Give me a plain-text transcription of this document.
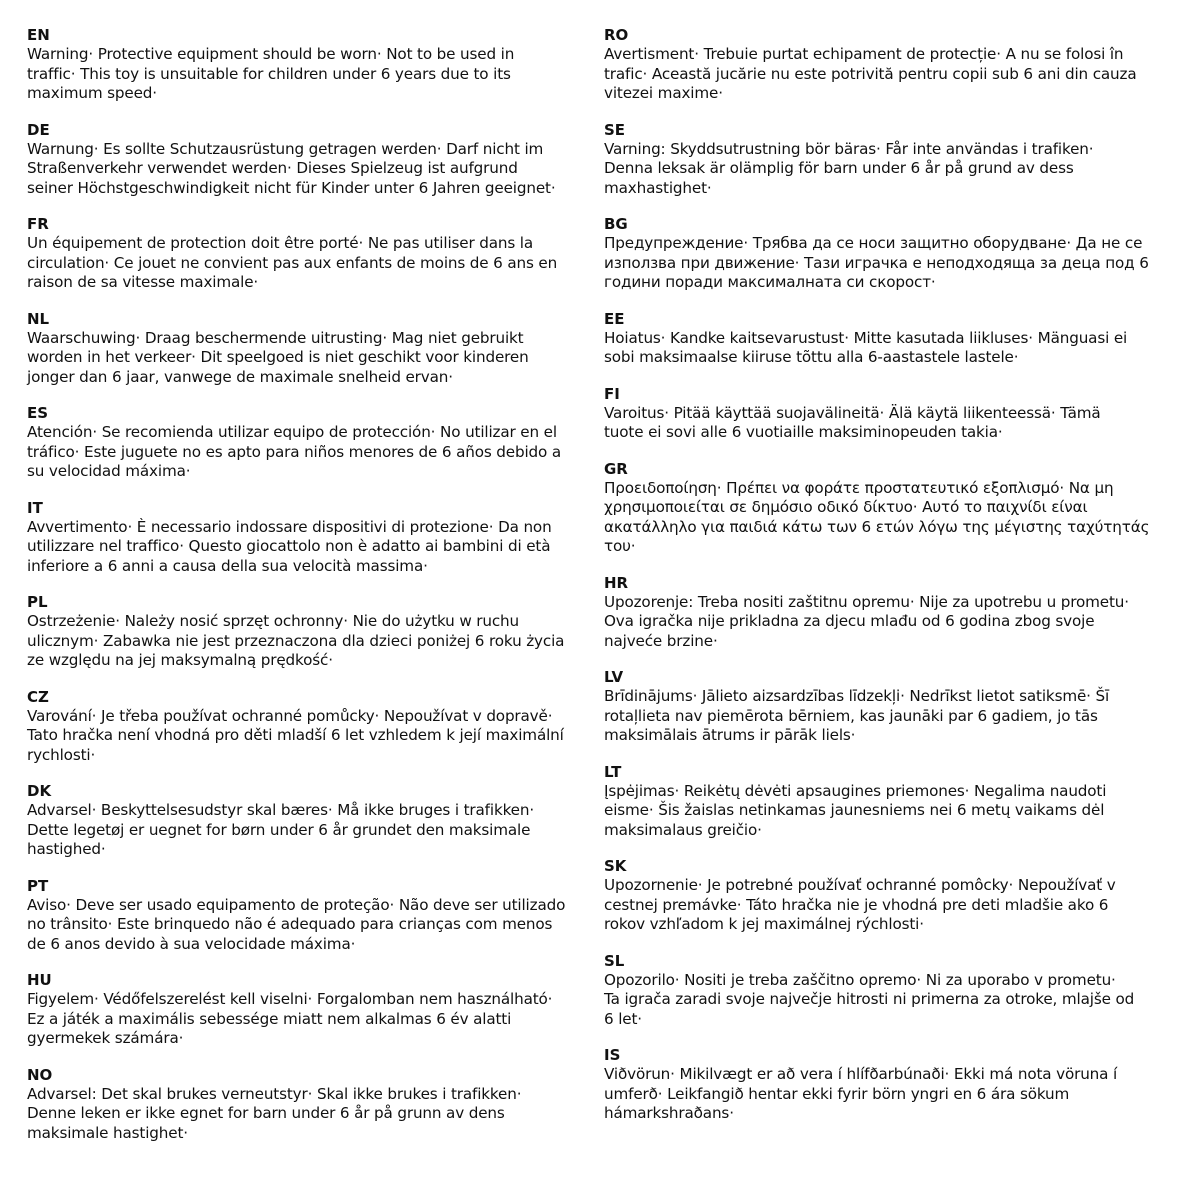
EN
Warning· Protective equipment should be worn· Not to be used in
traffic· This toy is unsuitable for children under 6 years due to its
maximum speed·
DE
Warnung· Es sollte Schutzausrüstung getragen werden· Darf nicht im
Straßenverkehr verwendet werden· Dieses Spielzeug ist aufgrund
seiner Höchstgeschwindigkeit nicht für Kinder unter 6 Jahren geeignet·
FR
Un équipement de protection doit être porté· Ne pas utiliser dans la
circulation· Ce jouet ne convient pas aux enfants de moins de 6 ans en
raison de sa vitesse maximale·
NL
Waarschuwing· Draag beschermende uitrusting· Mag niet gebruikt
worden in het verkeer· Dit speelgoed is niet geschikt voor kinderen
jonger dan 6 jaar, vanwege de maximale snelheid ervan·
ES
Atención· Se recomienda utilizar equipo de protección· No utilizar en el
tráfico· Este juguete no es apto para niños menores de 6 años debido a
su velocidad máxima·
IT
Avvertimento· È necessario indossare dispositivi di protezione· Da non
utilizzare nel traffico· Questo giocattolo non è adatto ai bambini di età
inferiore a 6 anni a causa della sua velocità massima·
PL
Ostrzeżenie· Należy nosić sprzęt ochronny· Nie do użytku w ruchu
ulicznym· Zabawka nie jest przeznaczona dla dzieci poniżej 6 roku życia
ze względu na jej maksymalną prędkość·
CZ
Varování· Je třeba používat ochranné pomůcky· Nepoužívat v dopravě·
Tato hračka není vhodná pro děti mladší 6 let vzhledem k její maximální
rychlosti·
DK
Advarsel· Beskyttelsesudstyr skal bæres· Må ikke bruges i trafikken·
Dette legetøj er uegnet for børn under 6 år grundet den maksimale
hastighed·
PT
Aviso· Deve ser usado equipamento de proteção· Não deve ser utilizado
no trânsito· Este brinquedo não é adequado para crianças com menos
de 6 anos devido à sua velocidade máxima·
HU
Figyelem· Védőfelszerelést kell viselni· Forgalomban nem használható·
Ez a játék a maximális sebessége miatt nem alkalmas 6 év alatti
gyermekek számára·
NO
Advarsel: Det skal brukes verneutstyr· Skal ikke brukes i trafikken·
Denne leken er ikke egnet for barn under 6 år på grunn av dens
maksimale hastighet·
RO
Avertisment· Trebuie purtat echipament de protecție· A nu se folosi în
trafic· Această jucărie nu este potrivită pentru copii sub 6 ani din cauza
vitezei maxime·
SE
Varning: Skyddsutrustning bör bäras· Får inte användas i trafiken·
Denna leksak är olämplig för barn under 6 år på grund av dess
maxhastighet·
BG
Предупреждение· Трябва да се носи защитно оборудване· Да не се
използва при движение· Тази играчка е неподходяща за деца под 6
години поради максималната си скорост·
EE
Hoiatus· Kandke kaitsevarustust· Mitte kasutada liikluses· Mänguasi ei
sobi maksimaalse kiiruse tõttu alla 6-aastastele lastele·
FI
Varoitus· Pitää käyttää suojavälineitä· Älä käytä liikenteessä· Tämä
tuote ei sovi alle 6 vuotiaille maksiminopeuden takia·
GR
Προειδοποίηση· Πρέπει να φοράτε προστατευτικό εξοπλισμό· Να μη
χρησιμοποιείται σε δημόσιο οδικό δίκτυο· Αυτό το παιχνίδι είναι
ακατάλληλο για παιδιά κάτω των 6 ετών λόγω της μέγιστης ταχύτητάς
του·
HR
Upozorenje: Treba nositi zaštitnu opremu· Nije za upotrebu u prometu·
Ova igračka nije prikladna za djecu mlađu od 6 godina zbog svoje
najveće brzine·
LV
Brīdinājums· Jālieto aizsardzības līdzekļi· Nedrīkst lietot satiksmē· Šī
rotaļlieta nav piemērota bērniem, kas jaunāki par 6 gadiem, jo tās
maksimālais ātrums ir pārāk liels·
LT
Įspėjimas· Reikėtų dėvėti apsaugines priemones· Negalima naudoti
eisme· Šis žaislas netinkamas jaunesniems nei 6 metų vaikams dėl
maksimalaus greičio·
SK
Upozornenie· Je potrebné používať ochranné pomôcky· Nepoužívať v
cestnej premávke· Táto hračka nie je vhodná pre deti mladšie ako 6
rokov vzhľadom k jej maximálnej rýchlosti·
SL
Opozorilo· Nositi je treba zaščitno opremo· Ni za uporabo v prometu·
Ta igrača zaradi svoje največje hitrosti ni primerna za otroke, mlajše od
6 let·
IS
Viðvörun· Mikilvægt er að vera í hlífðarbúnaði· Ekki má nota vöruna í
umferð· Leikfangið hentar ekki fyrir börn yngri en 6 ára sökum
hámarkshraðans·
